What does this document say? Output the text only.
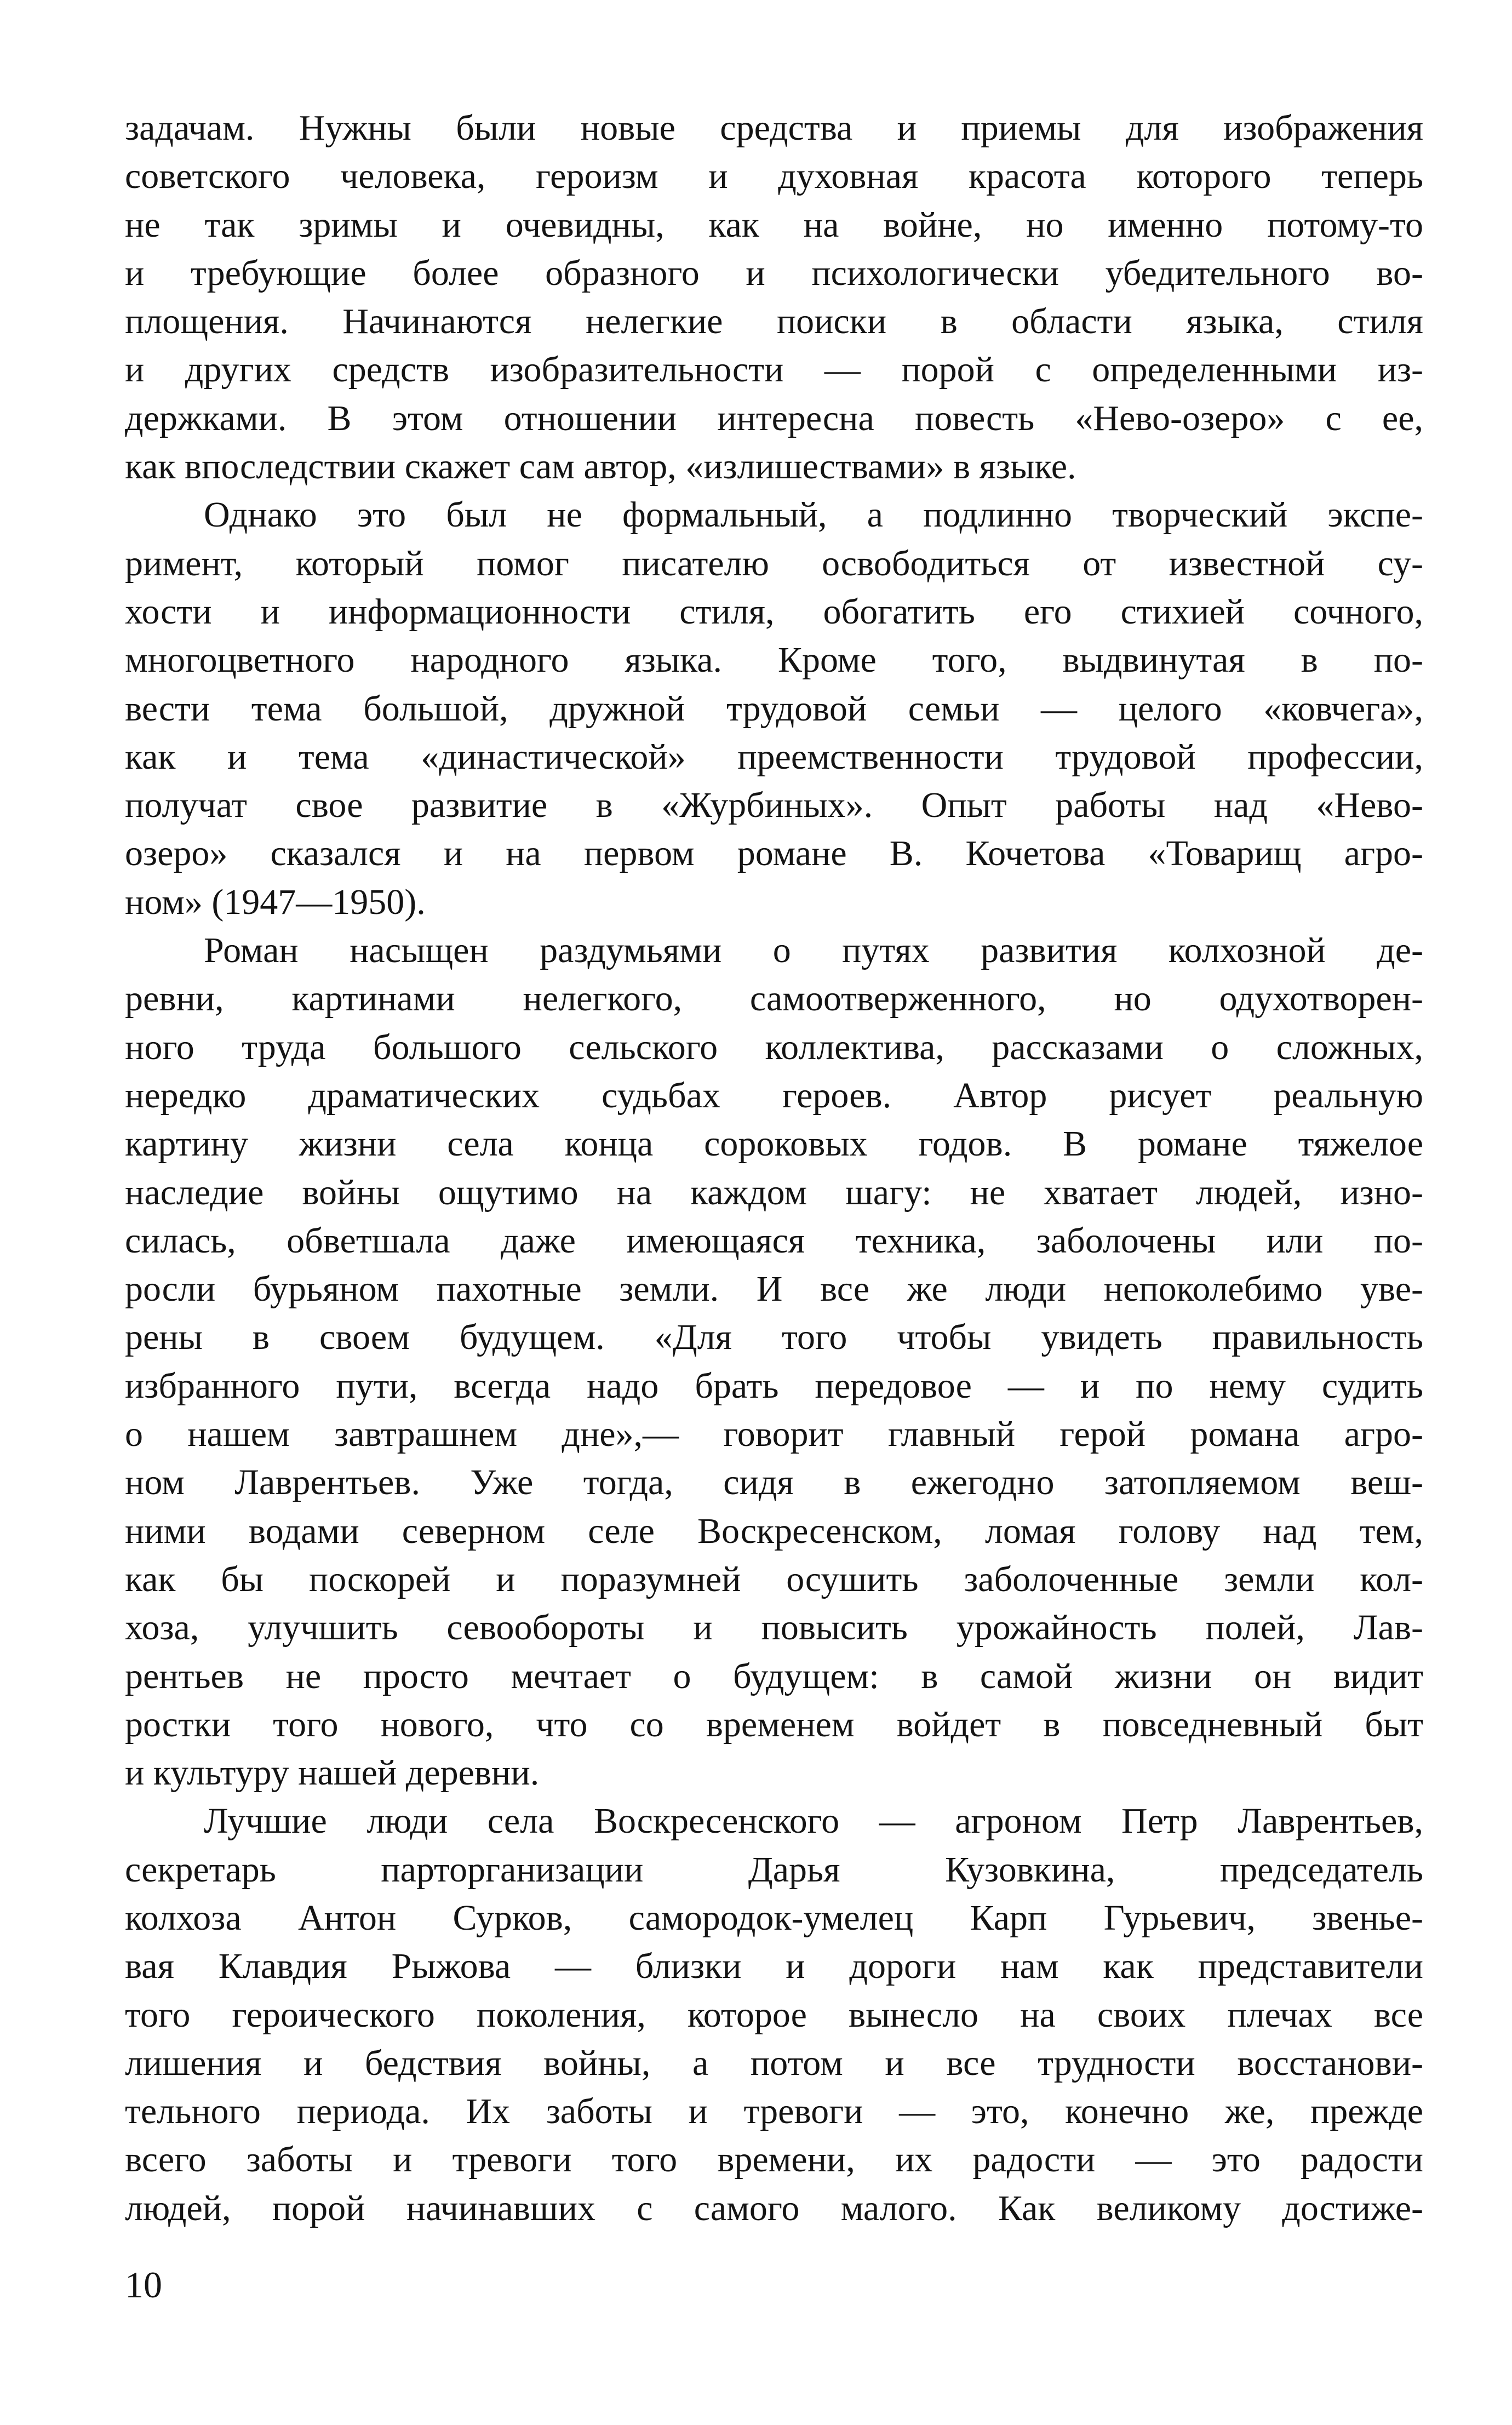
задачам. Нужны были новые средства и приемы для изображения
советского человека, героизм и духовная красота которого теперь
не так зримы и очевидны, как на войне, но именно потому-то
и требующие более образного и психологически убедительного во-
площения. Начинаются нелегкие поиски в области языка, стиля
и других средств изобразительности — порой с определенными из-
держками. В этом отношении интересна повесть «Нево-озеро» с ее,
как впоследствии скажет сам автор, «излишествами» в языке.
Однако это был не формальный, а подлинно творческий экспе-
римент, который помог писателю освободиться от известной су-
хости и информационности стиля, обогатить его стихией сочного,
многоцветного народного языка. Кроме того, выдвинутая в по-
вести тема большой, дружной трудовой семьи — целого «ковчега»,
как и тема «династической» преемственности трудовой профессии,
получат свое развитие в «Журбиных». Опыт работы над «Нево-
озеро» сказался и на первом романе В. Кочетова «Товарищ агро-
ном» (1947—1950).
Роман насыщен раздумьями о путях развития колхозной де-
ревни, картинами нелегкого, самоотверженного, но одухотворен-
ного труда большого сельского коллектива, рассказами о сложных,
нередко драматических судьбах героев. Автор рисует реальную
картину жизни села конца сороковых годов. В романе тяжелое
наследие войны ощутимо на каждом шагу: не хватает людей, изно-
силась, обветшала даже имеющаяся техника, заболочены или по-
росли бурьяном пахотные земли. И все же люди непоколебимо уве-
рены в своем будущем. «Для того чтобы увидеть правильность
избранного пути, всегда надо брать передовое — и по нему судить
о нашем завтрашнем дне»,— говорит главный герой романа агро-
ном Лаврентьев. Уже тогда, сидя в ежегодно затопляемом веш-
ними водами северном селе Воскресенском, ломая голову над тем,
как бы поскорей и поразумней осушить заболоченные земли кол-
хоза, улучшить севообороты и повысить урожайность полей, Лав-
рентьев не просто мечтает о будущем: в самой жизни он видит
ростки того нового, что со временем войдет в повседневный быт
и культуру нашей деревни.
Лучшие люди села Воскресенского — агроном Петр Лаврентьев,
секретарь парторганизации Дарья Кузовкина, председатель
колхоза Антон Сурков, самородок-умелец Карп Гурьевич, звенье-
вая Клавдия Рыжова — близки и дороги нам как представители
того героического поколения, которое вынесло на своих плечах все
лишения и бедствия войны, а потом и все трудности восстанови-
тельного периода. Их заботы и тревоги — это, конечно же, прежде
всего заботы и тревоги того времени, их радости — это радости
людей, порой начинавших с самого малого. Как великому достиже-
10
